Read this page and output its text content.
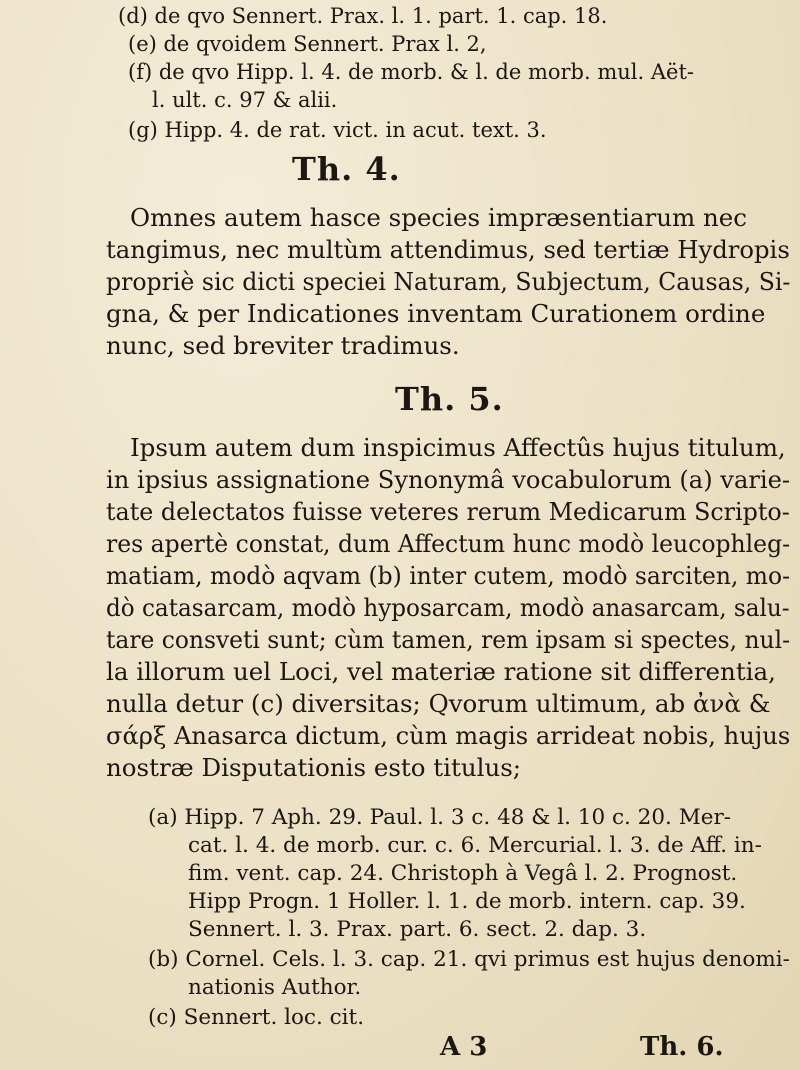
(d) de qvo Sennert. Prax. l. 1. part. 1. cap. 18.
(e) de qvoidem Sennert. Prax l. 2,
(f) de qvo Hipp. l. 4. de morb. & l. de morb. mul. Aët-
l. ult. c. 97 & alii.
(g) Hipp. 4. de rat. vict. in acut. text. 3.
Th. 4.
Omnes autem hasce species impræsentiarum nec
tangimus, nec multùm attendimus, sed tertiæ Hydropis
propriè sic dicti speciei Naturam, Subjectum, Causas, Si-
gna, & per Indicationes inventam Curationem ordine
nunc, sed breviter tradimus.
Th. 5.
Ipsum autem dum inspicimus Affectûs hujus titulum,
in ipsius assignatione Synonymâ vocabulorum (a) varie-
tate delectatos fuisse veteres rerum Medicarum Scripto-
res apertè constat, dum Affectum hunc modò leucophleg-
matiam, modò aqvam (b) inter cutem, modò sarciten, mo-
dò catasarcam, modò hyposarcam, modò anasarcam, salu-
tare consveti sunt; cùm tamen, rem ipsam si spectes, nul-
la illorum uel Loci, vel materiæ ratione sit differentia,
nulla detur (c) diversitas; Qvorum ultimum, ab ἀνὰ &
σάρξ Anasarca dictum, cùm magis arrideat nobis, hujus
nostræ Disputationis esto titulus;
(a) Hipp. 7 Aph. 29. Paul. l. 3 c. 48 & l. 10 c. 20. Mer-
cat. l. 4. de morb. cur. c. 6. Mercurial. l. 3. de Aff. in-
fim. vent. cap. 24. Christoph à Vegâ l. 2. Prognost.
Hipp Progn. 1 Holler. l. 1. de morb. intern. cap. 39.
Sennert. l. 3. Prax. part. 6. sect. 2. dap. 3.
(b) Cornel. Cels. l. 3. cap. 21. qvi primus est hujus denomi-
nationis Author.
(c) Sennert. loc. cit.
A 3	Th. 6.
